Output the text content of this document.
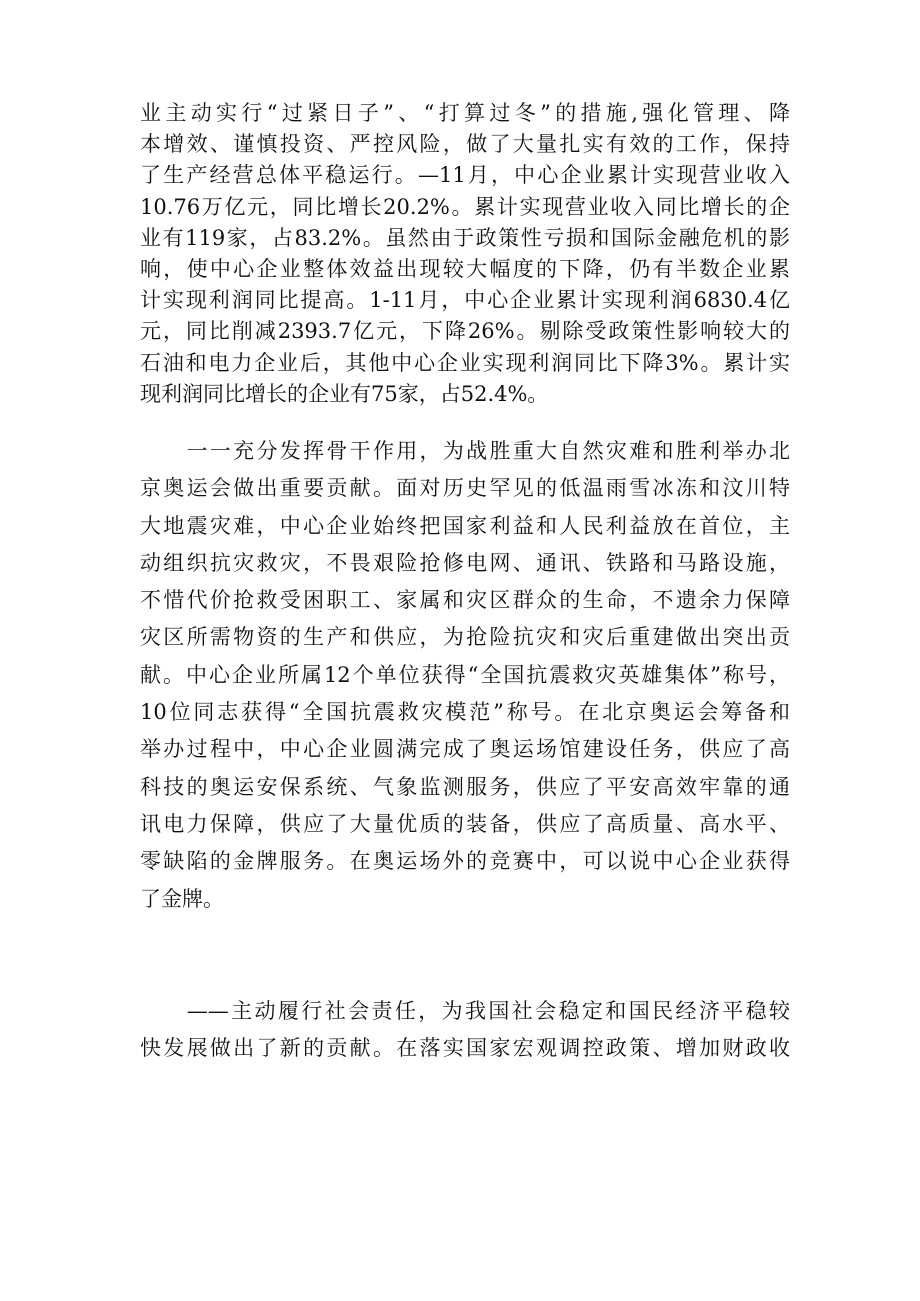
业主动实行“过紧日子”、“打算过冬”的措施,强化管理、降
本增效、谨慎投资、严控风险，做了大量扎实有效的工作，保持
了生产经营总体平稳运行。—11月，中心企业累计实现营业收入
10.76万亿元，同比增长20.2%。累计实现营业收入同比增长的企
业有119家，占83.2%。虽然由于政策性亏损和国际金融危机的影
响，使中心企业整体效益出现较大幅度的下降，仍有半数企业累
计实现利润同比提高。1-11月，中心企业累计实现利润6830.4亿
元，同比削减2393.7亿元，下降26%。剔除受政策性影响较大的
石油和电力企业后，其他中心企业实现利润同比下降3%。累计实
现利润同比增长的企业有75家，占52.4%。
　　一一充分发挥骨干作用，为战胜重大自然灾难和胜利举办北
京奥运会做出重要贡献。面对历史罕见的低温雨雪冰冻和汶川特
大地震灾难，中心企业始终把国家利益和人民利益放在首位，主
动组织抗灾救灾，不畏艰险抢修电网、通讯、铁路和马路设施，
不惜代价抢救受困职工、家属和灾区群众的生命，不遗余力保障
灾区所需物资的生产和供应，为抢险抗灾和灾后重建做出突出贡
献。中心企业所属12个单位获得“全国抗震救灾英雄集体”称号，
10位同志获得“全国抗震救灾模范”称号。在北京奥运会筹备和
举办过程中，中心企业圆满完成了奥运场馆建设任务，供应了高
科技的奥运安保系统、气象监测服务，供应了平安高效牢靠的通
讯电力保障，供应了大量优质的装备，供应了高质量、高水平、
零缺陷的金牌服务。在奥运场外的竞赛中，可以说中心企业获得
了金牌。
　　——主动履行社会责任，为我国社会稳定和国民经济平稳较
快发展做出了新的贡献。在落实国家宏观调控政策、增加财政收
